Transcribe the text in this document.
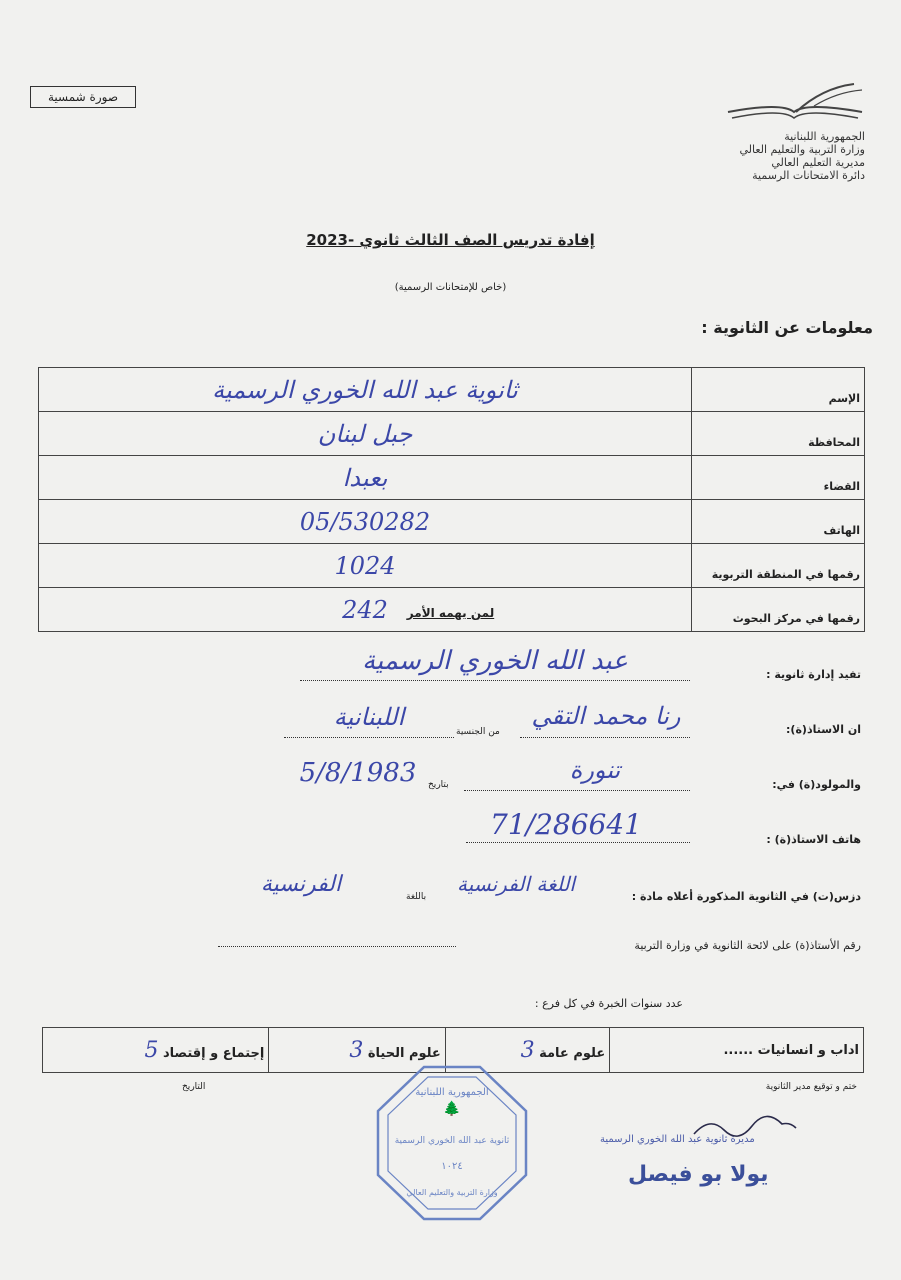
صورة شمسية
الجمهورية اللبنانية
وزارة التربية والتعليم العالي
مديرية التعليم العالي
دائرة الامتحانات الرسمية
إفادة تدريس الصف الثالث ثانوي -2023
(خاص للإمتحانات الرسمية)
معلومات عن الثانوية :
ثانوية عبد الله الخوري الرسمية	الإسم
جبل لبنان	المحافظة
بعبدا	القضاء
05/530282	الهاتف
1024	رقمها في المنطقة التربوية
242	رقمها في مركز البحوث
لمن يهمه الأمر
تفيد إدارة ثانوية :
عبد الله الخوري الرسمية
ان الاستاذ(ة):
رنا محمد التقي
من الجنسية
اللبنانية
والمولود(ة) في:
تنورة
بتاريخ
5/8/1983
هاتف الاستاذ(ة) :
71/286641
دزس(ت) في الثانوية المذكورة أعلاه مادة :
اللغة الفرنسية
باللغة
الفرنسية
رقم الأستاذ(ة) على لائحة الثانوية في وزارة التربية
عدد سنوات الخبرة في كل فرع :
إجتماع و إقتصاد 5	علوم الحياة 3	علوم عامة 3	اداب و انسانيات ......
ختم و توقيع مدير الثانوية
التاريخ	الجمهورية اللبنانية
🌲
ثانوية عبد الله الخوري الرسمية
١٠٢٤
وزارة التربية والتعليم العالي
مديرة ثانوية عبد الله الخوري الرسمية
يولا بو فيصل
